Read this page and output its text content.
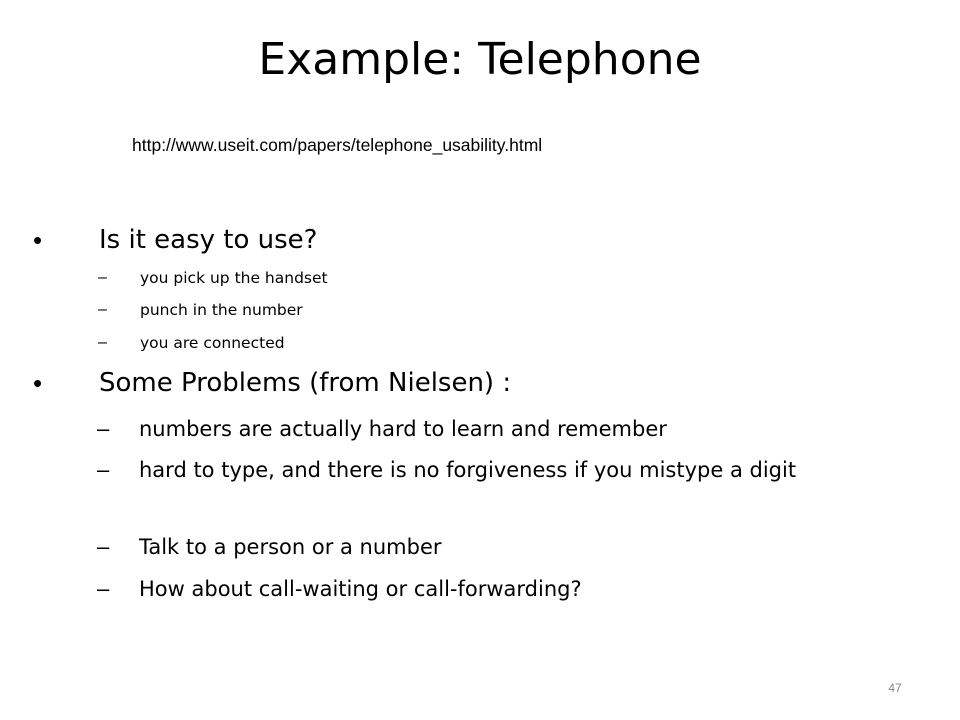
Example: Telephone
http://www.useit.com/papers/telephone_usability.html
• Is it easy to use?
– you pick up the handset
– punch in the number
– you are connected
• Some Problems (from Nielsen) :
– numbers are actually hard to learn and remember
– hard to type, and there is no forgiveness if you mistype a digit
– Talk to a person or a number
– How about call-waiting or call-forwarding?
47
